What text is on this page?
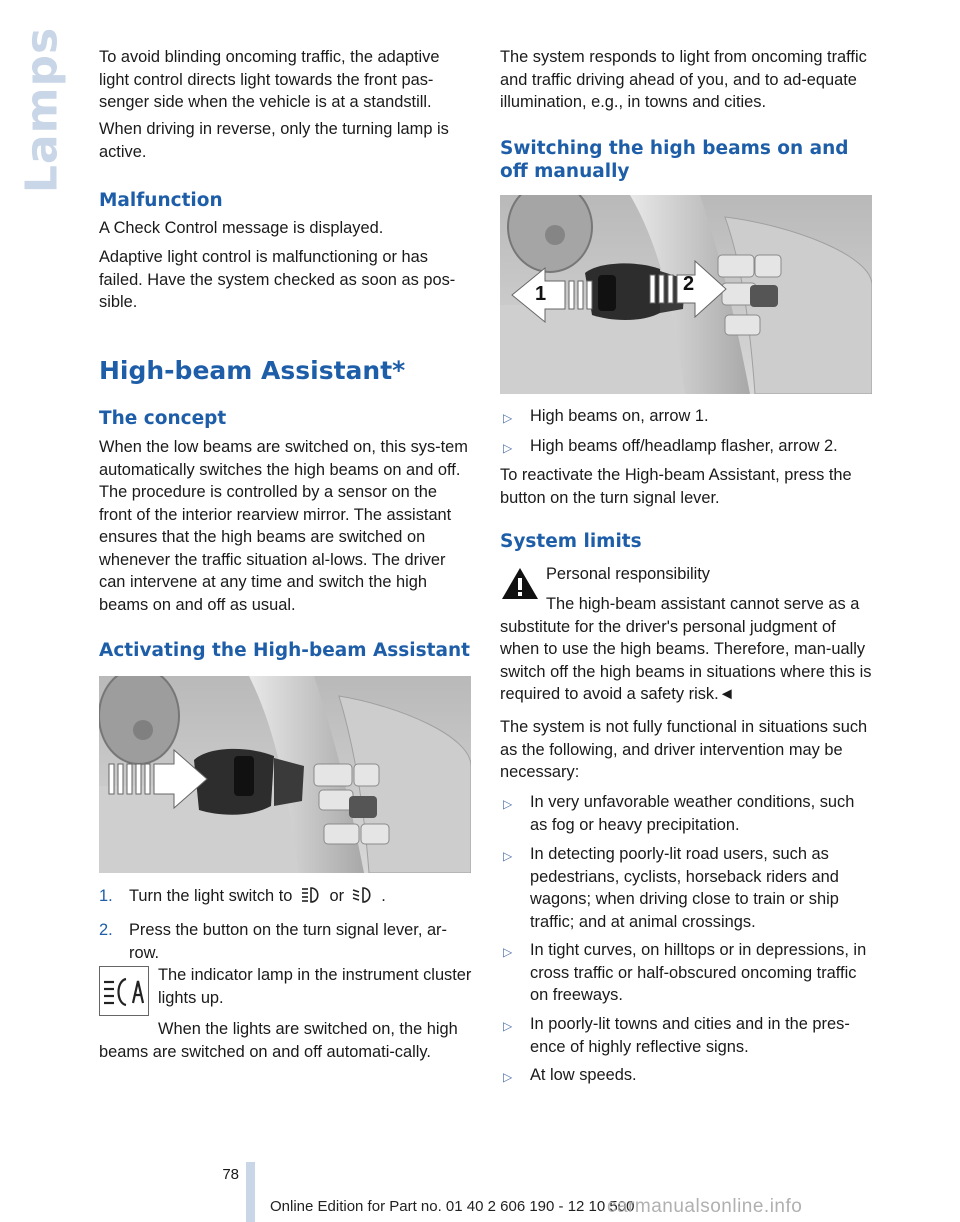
Lamps To avoid blinding oncoming traffic, the adaptive light control directs light towards the front pas‐senger side when the vehicle is at a standstill.

When driving in reverse, only the turning lamp is active.

Malfunction

A Check Control message is displayed.

Adaptive light control is malfunctioning or has failed. Have the system checked as soon as pos‐sible.

High-beam Assistant*
The concept

When the low beams are switched on, this sys‐tem automatically switches the high beams on and off. The procedure is controlled by a sensor on the front of the interior rearview mirror. The assistant ensures that the high beams are switched on whenever the traffic situation al‐lows. The driver can intervene at any time and switch the high beams on and off as usual.

Activating the High-beam Assistant
1. Turn the light switch to or .
2. Press the button on the turn signal lever, ar‐row.

The indicator lamp in the instrument cluster lights up.

When the lights are switched on, the high beams are switched on and off automati‐cally.

The system responds to light from oncoming traffic and traffic driving ahead of you, and to ad‐equate illumination, e.g., in towns and cities.

Switching the high beams on and off manually
1	2
▷	High beams on, arrow 1.
▷	High beams off/headlamp flasher, arrow 2.

To reactivate the High-beam Assistant, press the button on the turn signal lever.

System limits

Personal responsibility

The high-beam assistant cannot serve as a substitute for the driver's personal judgment of when to use the high beams. Therefore, man‐ually switch off the high beams in situations where this is required to avoid a safety risk.◄

The system is not fully functional in situations such as the following, and driver intervention may be necessary:

▷	In very unfavorable weather conditions, such as fog or heavy precipitation.
▷	In detecting poorly-lit road users, such as pedestrians, cyclists, horseback riders and wagons; when driving close to train or ship traffic; and at animal crossings.
▷	In tight curves, on hilltops or in depressions, in cross traffic or half-obscured oncoming traffic on freeways.
▷	In poorly-lit towns and cities and in the pres‐ence of highly reflective signs.
▷	At low speeds.
78
Online Edition for Part no. 01 40 2 606 190 - 12 10 500
carmanualsonline.info
